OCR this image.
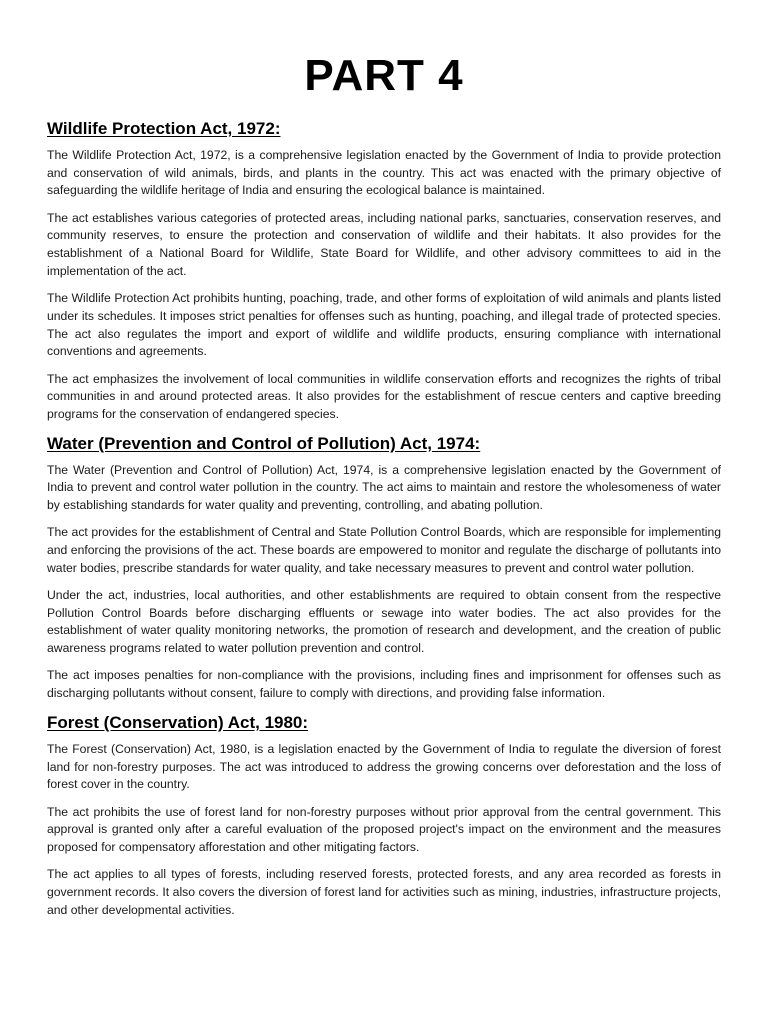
PART 4
Wildlife Protection Act, 1972:

The Wildlife Protection Act, 1972, is a comprehensive legislation enacted by the Government of India to provide protection and conservation of wild animals, birds, and plants in the country. This act was enacted with the primary objective of safeguarding the wildlife heritage of India and ensuring the ecological balance is maintained.

The act establishes various categories of protected areas, including national parks, sanctuaries, conservation reserves, and community reserves, to ensure the protection and conservation of wildlife and their habitats. It also provides for the establishment of a National Board for Wildlife, State Board for Wildlife, and other advisory committees to aid in the implementation of the act.

The Wildlife Protection Act prohibits hunting, poaching, trade, and other forms of exploitation of wild animals and plants listed under its schedules. It imposes strict penalties for offenses such as hunting, poaching, and illegal trade of protected species. The act also regulates the import and export of wildlife and wildlife products, ensuring compliance with international conventions and agreements.

The act emphasizes the involvement of local communities in wildlife conservation efforts and recognizes the rights of tribal communities in and around protected areas. It also provides for the establishment of rescue centers and captive breeding programs for the conservation of endangered species.

Water (Prevention and Control of Pollution) Act, 1974:

The Water (Prevention and Control of Pollution) Act, 1974, is a comprehensive legislation enacted by the Government of India to prevent and control water pollution in the country. The act aims to maintain and restore the wholesomeness of water by establishing standards for water quality and preventing, controlling, and abating pollution.

The act provides for the establishment of Central and State Pollution Control Boards, which are responsible for implementing and enforcing the provisions of the act. These boards are empowered to monitor and regulate the discharge of pollutants into water bodies, prescribe standards for water quality, and take necessary measures to prevent and control water pollution.

Under the act, industries, local authorities, and other establishments are required to obtain consent from the respective Pollution Control Boards before discharging effluents or sewage into water bodies. The act also provides for the establishment of water quality monitoring networks, the promotion of research and development, and the creation of public awareness programs related to water pollution prevention and control.

The act imposes penalties for non-compliance with the provisions, including fines and imprisonment for offenses such as discharging pollutants without consent, failure to comply with directions, and providing false information.

Forest (Conservation) Act, 1980:

The Forest (Conservation) Act, 1980, is a legislation enacted by the Government of India to regulate the diversion of forest land for non-forestry purposes. The act was introduced to address the growing concerns over deforestation and the loss of forest cover in the country.

The act prohibits the use of forest land for non-forestry purposes without prior approval from the central government. This approval is granted only after a careful evaluation of the proposed project's impact on the environment and the measures proposed for compensatory afforestation and other mitigating factors.

The act applies to all types of forests, including reserved forests, protected forests, and any area recorded as forests in government records. It also covers the diversion of forest land for activities such as mining, industries, infrastructure projects, and other developmental activities.
